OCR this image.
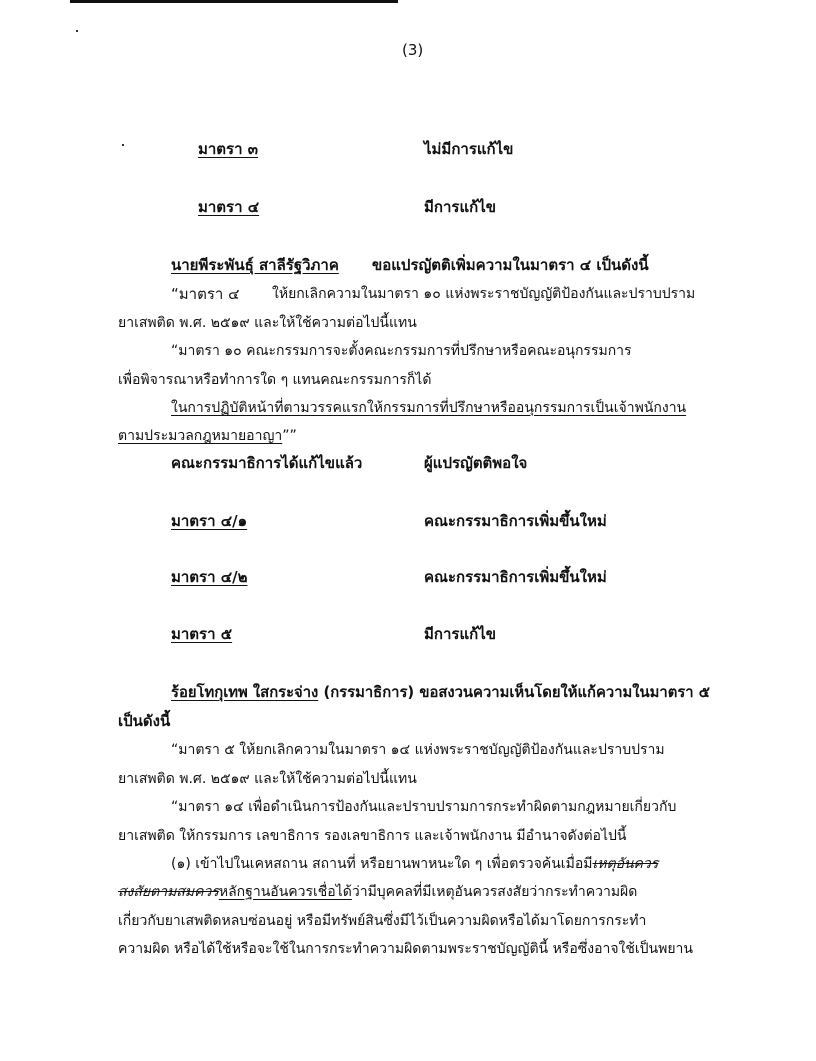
(3)
มาตรา ๓	ไม่มีการแก้ไข
มาตรา ๔	มีการแก้ไข
นายพีระพันธุ์ สาลีรัฐวิภาค ขอแปรญัตติเพิ่มความในมาตรา ๔ เป็นดังนี้
“มาตรา ๔ ให้ยกเลิกความในมาตรา ๑๐ แห่งพระราชบัญญัติป้องกันและปราบปราม
ยาเสพติด พ.ศ. ๒๕๑๙ และให้ใช้ความต่อไปนี้แทน
“มาตรา ๑๐ คณะกรรมการจะตั้งคณะกรรมการที่ปรึกษาหรือคณะอนุกรรมการ
เพื่อพิจารณาหรือทำการใด ๆ แทนคณะกรรมการก็ได้
ในการปฏิบัติหน้าที่ตามวรรคแรกให้กรรมการที่ปรึกษาหรืออนุกรรมการเป็นเจ้าพนักงาน
ตามประมวลกฎหมายอาญา””
คณะกรรมาธิการได้แก้ไขแล้ว	ผู้แปรญัตติพอใจ
มาตรา ๔/๑	คณะกรรมาธิการเพิ่มขึ้นใหม่
มาตรา ๔/๒	คณะกรรมาธิการเพิ่มขึ้นใหม่
มาตรา ๕	มีการแก้ไข
ร้อยโทกุเทพ ใสกระจ่าง (กรรมาธิการ) ขอสงวนความเห็นโดยให้แก้ความในมาตรา ๕
เป็นดังนี้
“มาตรา ๕ ให้ยกเลิกความในมาตรา ๑๔ แห่งพระราชบัญญัติป้องกันและปราบปราม
ยาเสพติด พ.ศ. ๒๕๑๙ และให้ใช้ความต่อไปนี้แทน
“มาตรา ๑๔ เพื่อดำเนินการป้องกันและปราบปรามการกระทำผิดตามกฎหมายเกี่ยวกับ
ยาเสพติด ให้กรรมการ เลขาธิการ รองเลขาธิการ และเจ้าพนักงาน มีอำนาจดังต่อไปนี้
(๑) เข้าไปในเคหสถาน สถานที่ หรือยานพาหนะใด ๆ เพื่อตรวจค้นเมื่อมีเหตุอันควร
สงสัยตามสมควรหลักฐานอันควรเชื่อได้ว่ามีบุคคลที่มีเหตุอันควรสงสัยว่ากระทำความผิด
เกี่ยวกับยาเสพติดหลบซ่อนอยู่ หรือมีทรัพย์สินซึ่งมีไว้เป็นความผิดหรือได้มาโดยการกระทำ
ความผิด หรือได้ใช้หรือจะใช้ในการกระทำความผิดตามพระราชบัญญัตินี้ หรือซึ่งอาจใช้เป็นพยาน
